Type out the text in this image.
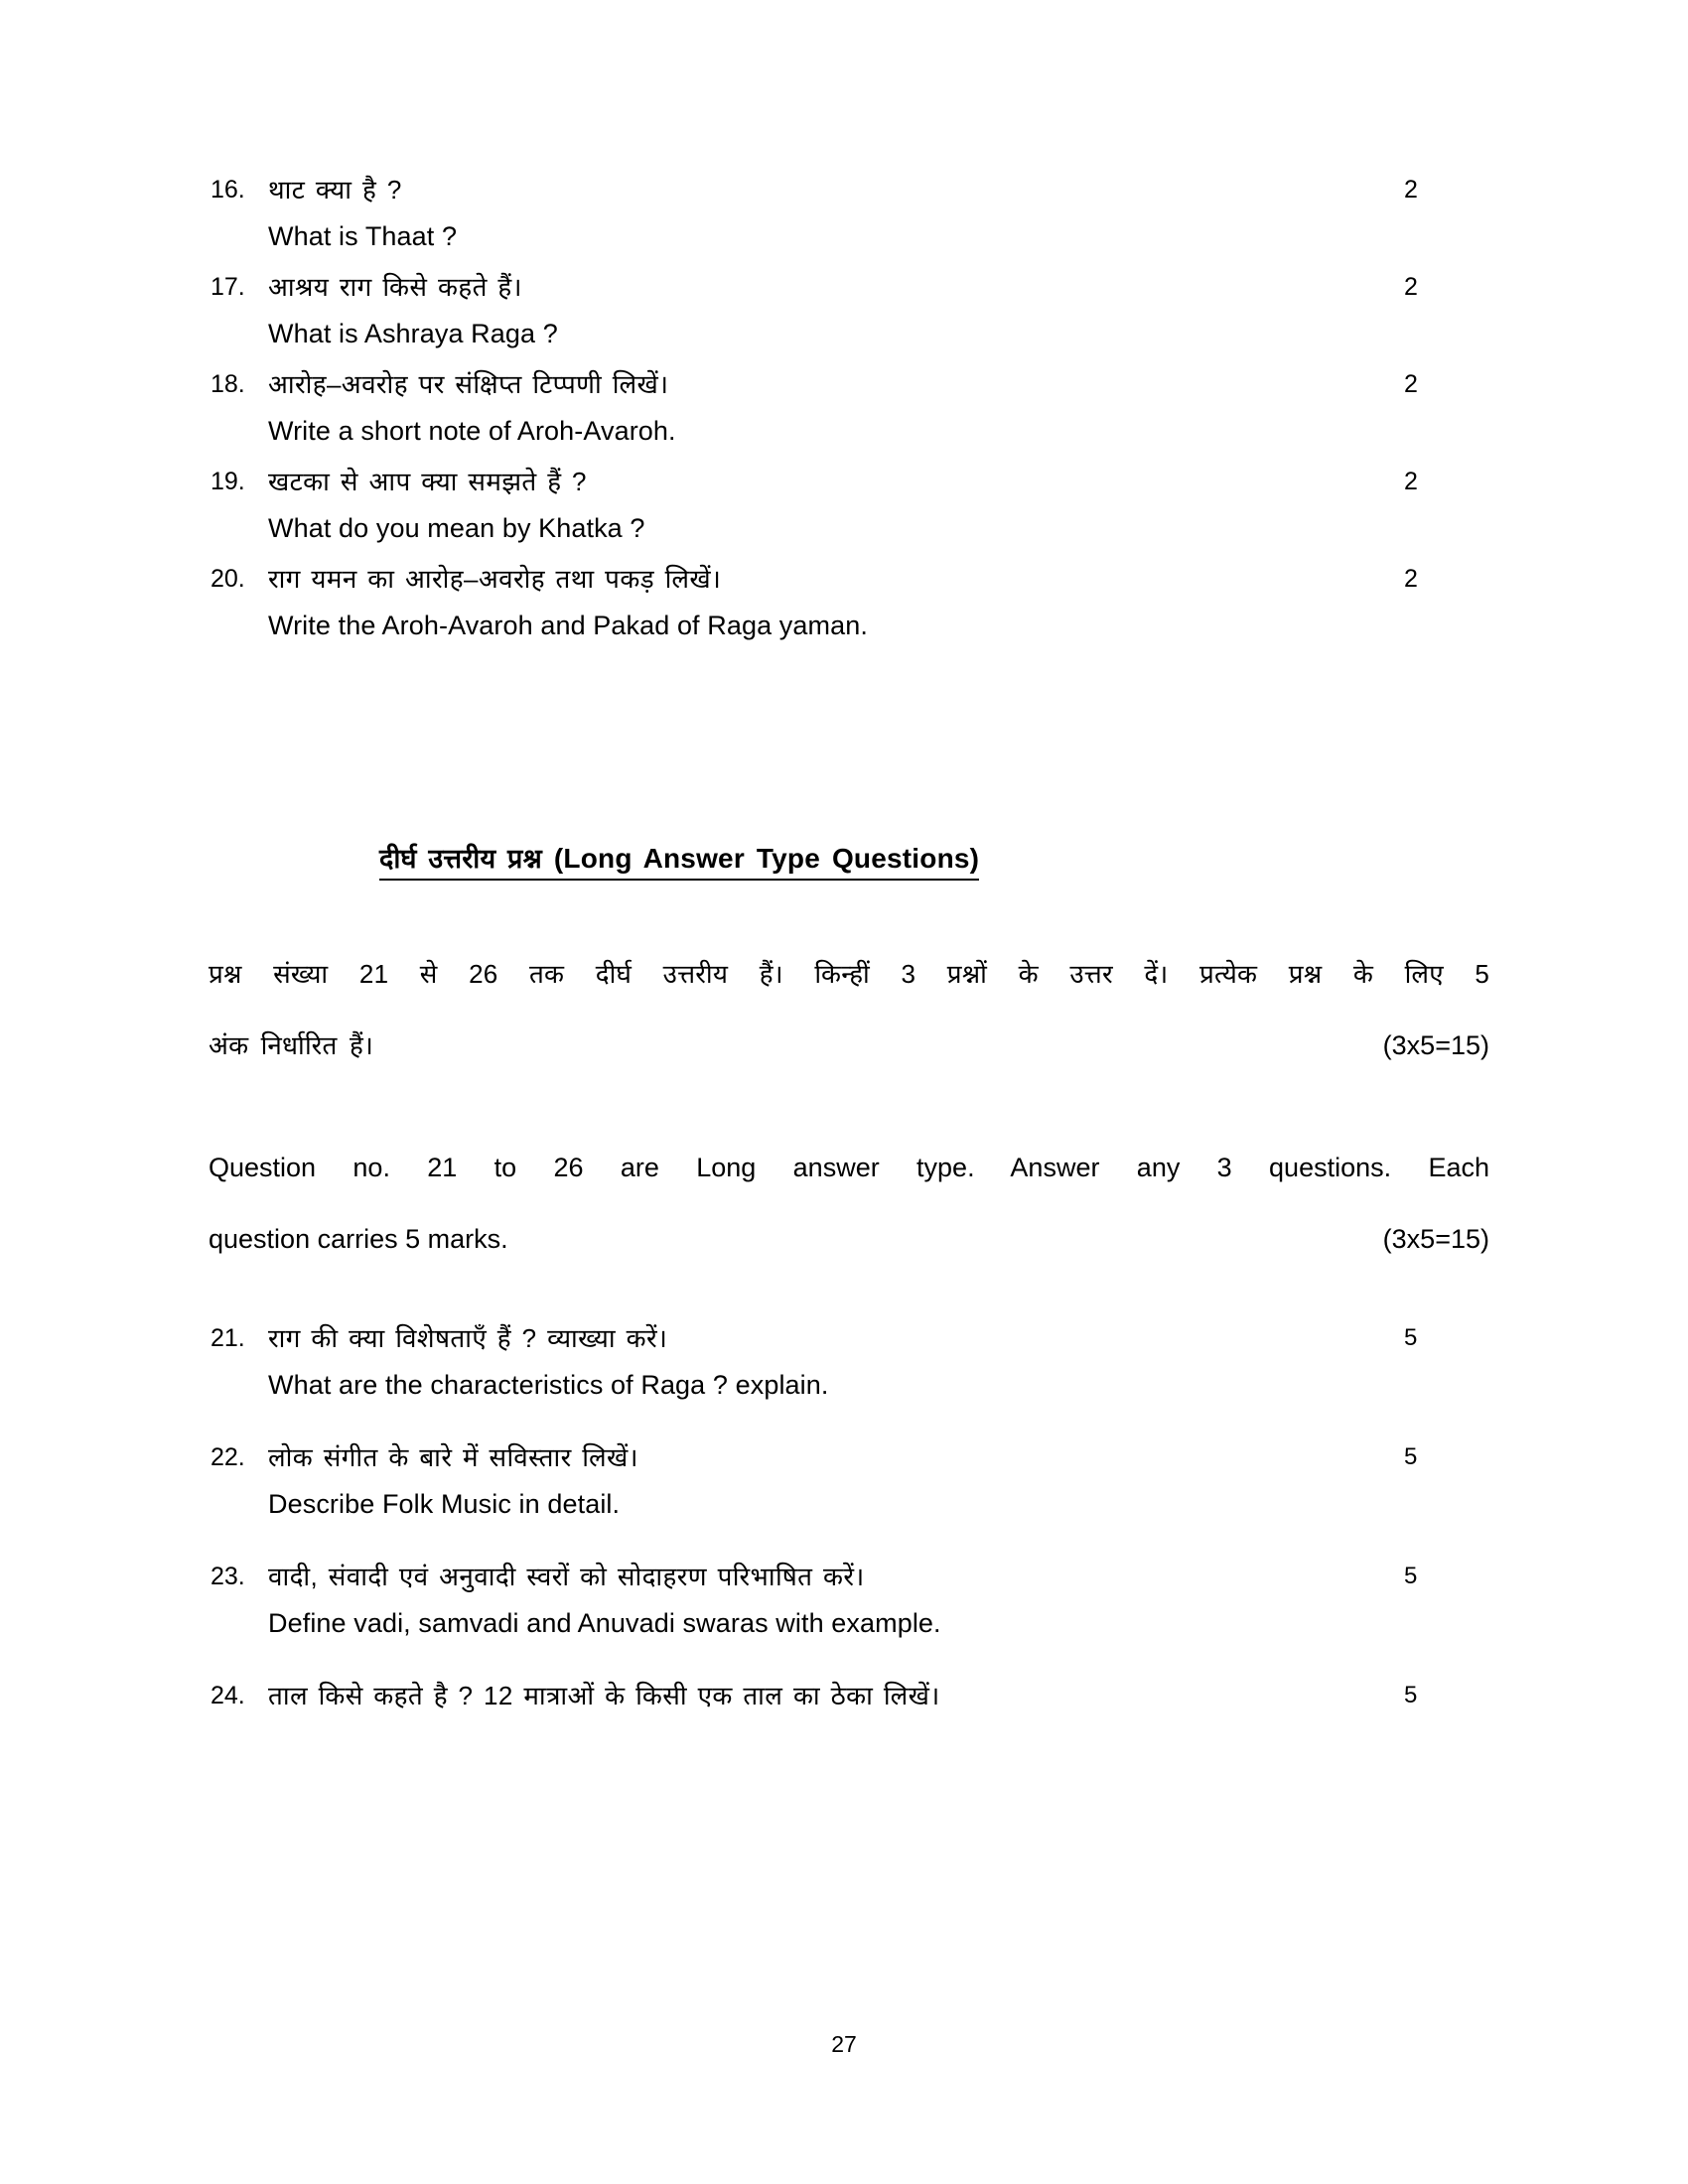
16. थाट क्या है ?
What is Thaat ?
2
17. आश्रय राग किसे कहते हैं।
What is Ashraya Raga ?
2
18. आरोह–अवरोह पर संक्षिप्त टिप्पणी लिखें।
Write a short note of Aroh-Avaroh.
2
19. खटका से आप क्या समझते हैं ?
What do you mean by Khatka ?
2
20. राग यमन का आरोह–अवरोह तथा पकड़ लिखें।
Write the Aroh-Avaroh and Pakad of Raga yaman.
2
दीर्घ उत्तरीय प्रश्न (Long Answer Type Questions)
प्रश्न संख्या 21 से 26 तक दीर्घ उत्तरीय हैं। किन्हीं 3 प्रश्नों के उत्तर दें। प्रत्येक प्रश्न के लिए 5
अंक निर्धारित हैं।	(3x5=15)
Question no. 21 to 26 are Long answer type. Answer any 3 questions. Each
question carries 5 marks.	(3x5=15)
21. राग की क्या विशेषताएँ हैं ? व्याख्या करें।
What are the characteristics of Raga ? explain.
5
22. लोक संगीत के बारे में सविस्तार लिखें।
Describe Folk Music in detail.
5
23. वादी, संवादी एवं अनुवादी स्वरों को सोदाहरण परिभाषित करें।
Define vadi, samvadi and Anuvadi swaras with example.
5
24. ताल किसे कहते है ? 12 मात्राओं के किसी एक ताल का ठेका लिखें।	5
27
